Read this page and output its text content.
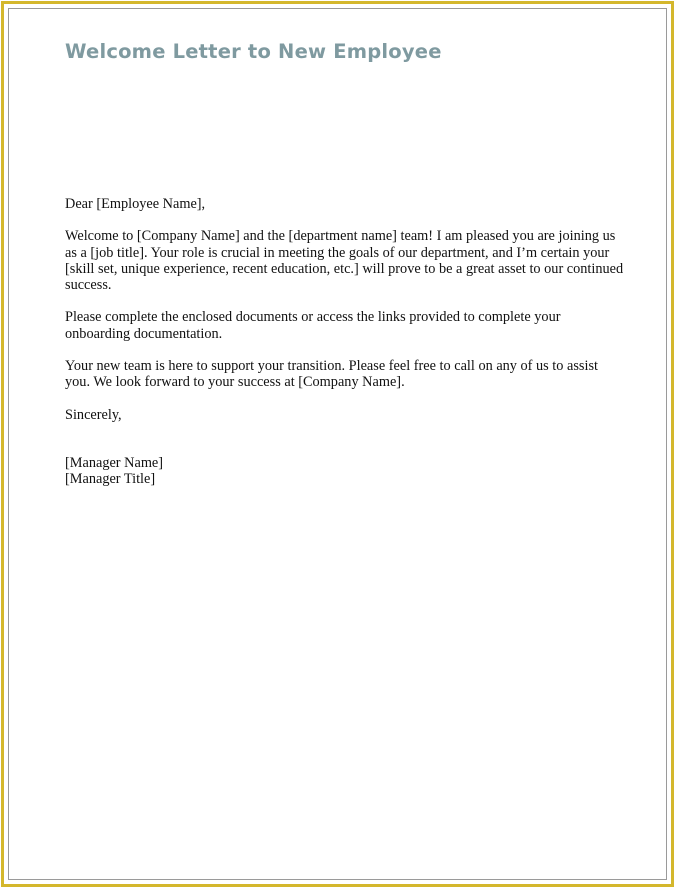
Welcome Letter to New Employee

Dear [Employee Name],

Welcome to [Company Name] and the [department name] team! I am pleased you are joining us as a [job title]. Your role is crucial in meeting the goals of our department, and I’m certain your [skill set, unique experience, recent education, etc.] will prove to be a great asset to our continued success.

Please complete the enclosed documents or access the links provided to complete your onboarding documentation.

Your new team is here to support your transition. Please feel free to call on any of us to assist you. We look forward to your success at [Company Name].

Sincerely,

[Manager Name]
[Manager Title]
